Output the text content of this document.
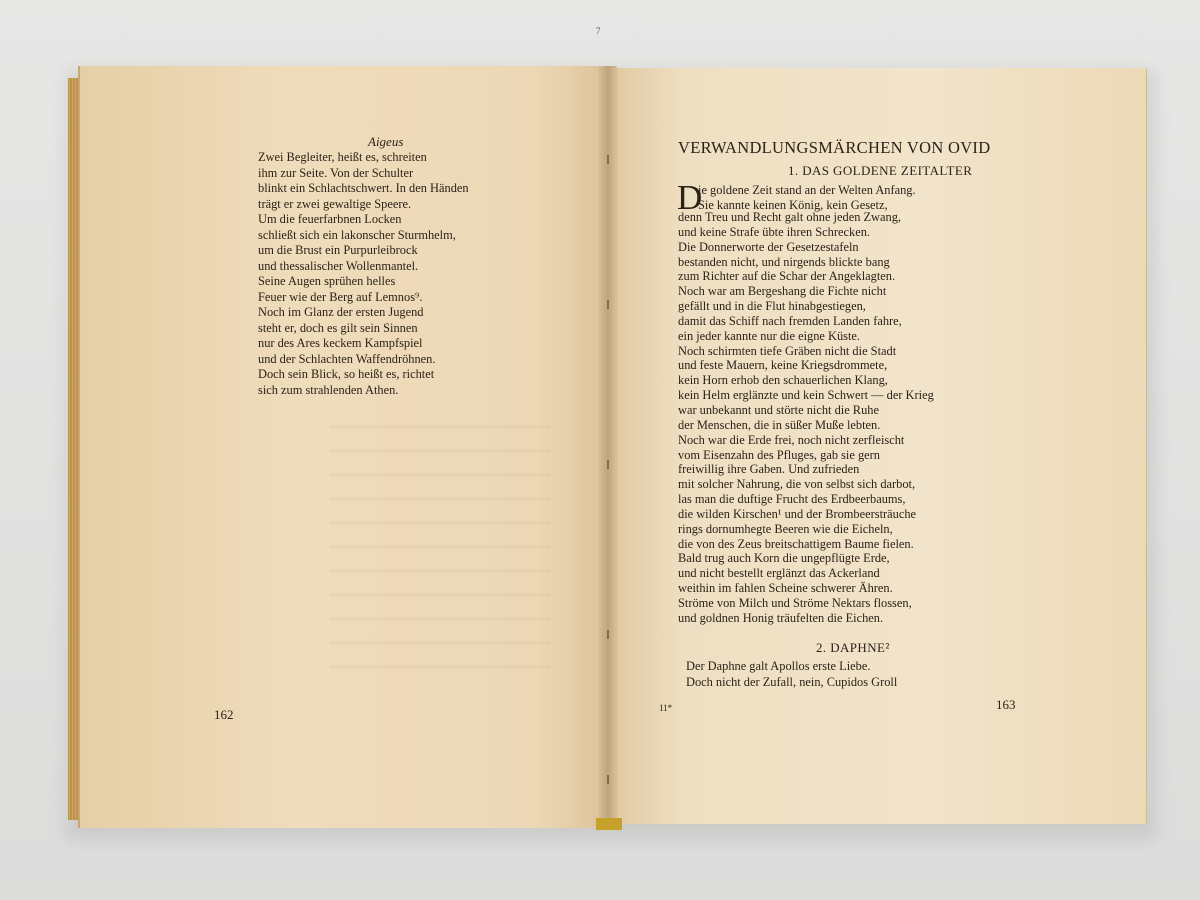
7
Aigeus
Zwei Begleiter, heißt es, schreiten
ihm zur Seite. Von der Schulter
blinkt ein Schlachtschwert. In den Händen
trägt er zwei gewaltige Speere.
Um die feuerfarbnen Locken
schließt sich ein lakonscher Sturmhelm,
um die Brust ein Purpurleibrock
und thessalischer Wollenmantel.
Seine Augen sprühen helles
Feuer wie der Berg auf Lemnos⁹.
Noch im Glanz der ersten Jugend
steht er, doch es gilt sein Sinnen
nur des Ares keckem Kampfspiel
und der Schlachten Waffendröhnen.
Doch sein Blick, so heißt es, richtet
sich zum strahlenden Athen.
162
VERWANDLUNGSMÄRCHEN VON OVID
1. DAS GOLDENE ZEITALTER
D
ie goldene Zeit stand an der Welten Anfang.
Sie kannte keinen König, kein Gesetz,
denn Treu und Recht galt ohne jeden Zwang,
und keine Strafe übte ihren Schrecken.
Die Donnerworte der Gesetzestafeln
bestanden nicht, und nirgends blickte bang
zum Richter auf die Schar der Angeklagten.
Noch war am Bergeshang die Fichte nicht
gefällt und in die Flut hinabgestiegen,
damit das Schiff nach fremden Landen fahre,
ein jeder kannte nur die eigne Küste.
Noch schirmten tiefe Gräben nicht die Stadt
und feste Mauern, keine Kriegsdrommete,
kein Horn erhob den schauerlichen Klang,
kein Helm erglänzte und kein Schwert — der Krieg
war unbekannt und störte nicht die Ruhe
der Menschen, die in süßer Muße lebten.
Noch war die Erde frei, noch nicht zerfleischt
vom Eisenzahn des Pfluges, gab sie gern
freiwillig ihre Gaben. Und zufrieden
mit solcher Nahrung, die von selbst sich darbot,
las man die duftige Frucht des Erdbeerbaums,
die wilden Kirschen¹ und der Brombeersträuche
rings dornumhegte Beeren wie die Eicheln,
die von des Zeus breitschattigem Baume fielen.
Bald trug auch Korn die ungepflügte Erde,
und nicht bestellt erglänzt das Ackerland
weithin im fahlen Scheine schwerer Ähren.
Ströme von Milch und Ströme Nektars flossen,
und goldnen Honig träufelten die Eichen.
2. DAPHNE²
Der Daphne galt Apollos erste Liebe.
Doch nicht der Zufall, nein, Cupidos Groll
11*	163
